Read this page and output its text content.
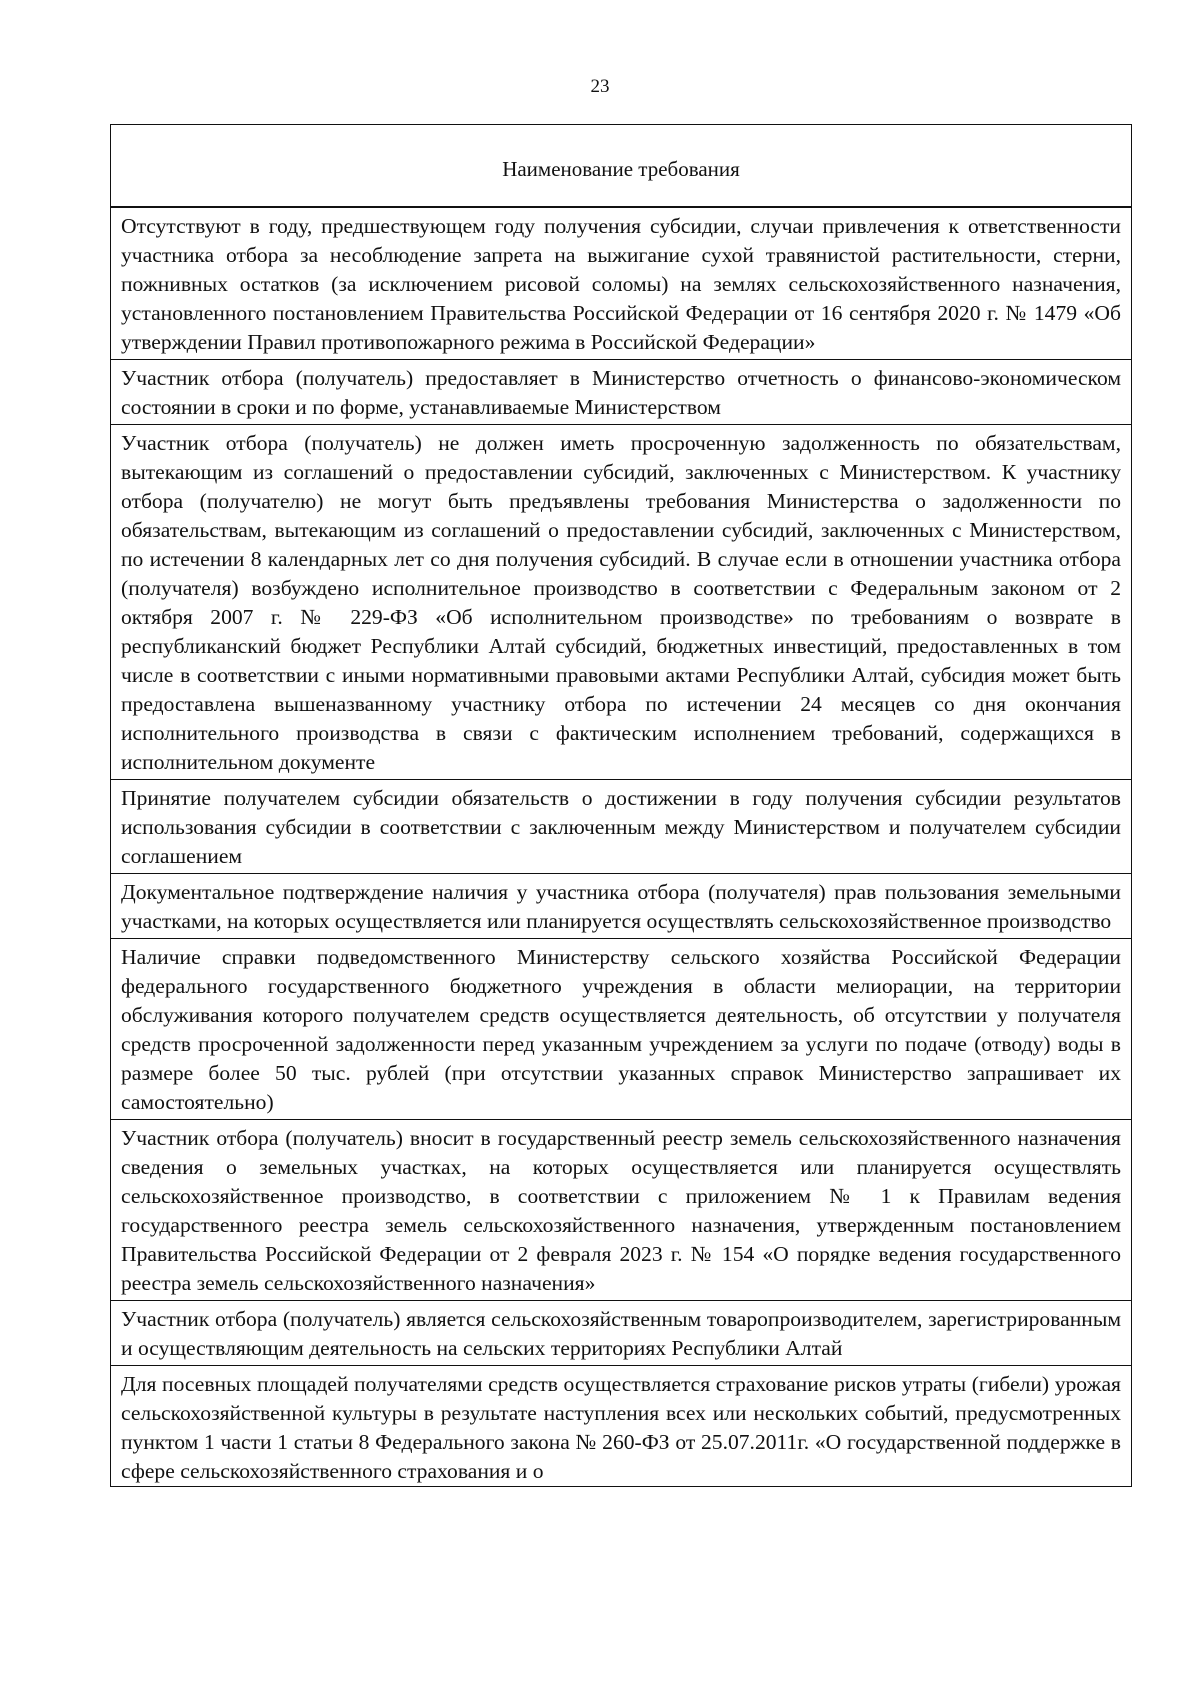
23
Наименование требования
Отсутствуют в году, предшествующем году получения субсидии, случаи привлечения к ответственности участника отбора за несоблюдение запрета на выжигание сухой травянистой растительности, стерни, пожнивных остатков (за исключением рисовой соломы) на землях сельскохозяйственного назначения, установленного постановлением Правительства Российской Федерации от 16 сентября 2020 г. № 1479 «Об утверждении Правил противопожарного режима в Российской Федерации»
Участник отбора (получатель) предоставляет в Министерство отчетность о финансово-экономическом состоянии в сроки и по форме, устанавливаемые Министерством
Участник отбора (получатель) не должен иметь просроченную задолженность по обязательствам, вытекающим из соглашений о предоставлении субсидий, заключенных с Министерством. К участнику отбора (получателю) не могут быть предъявлены требования Министерства о задолженности по обязательствам, вытекающим из соглашений о предоставлении субсидий, заключенных с Министерством, по истечении 8 календарных лет со дня получения субсидий. В случае если в отношении участника отбора (получателя) возбуждено исполнительное производство в соответствии с Федеральным законом от 2 октября 2007 г. № 229-ФЗ «Об исполнительном производстве» по требованиям о возврате в республиканский бюджет Республики Алтай субсидий, бюджетных инвестиций, предоставленных в том числе в соответствии с иными нормативными правовыми актами Республики Алтай, субсидия может быть предоставлена вышеназванному участнику отбора по истечении 24 месяцев со дня окончания исполнительного производства в связи с фактическим исполнением требований, содержащихся в исполнительном документе
Принятие получателем субсидии обязательств о достижении в году получения субсидии результатов использования субсидии в соответствии с заключенным между Министерством и получателем субсидии соглашением
Документальное подтверждение наличия у участника отбора (получателя) прав пользования земельными участками, на которых осуществляется или планируется осуществлять сельскохозяйственное производство
Наличие справки подведомственного Министерству сельского хозяйства Российской Федерации федерального государственного бюджетного учреждения в области мелиорации, на территории обслуживания которого получателем средств осуществляется деятельность, об отсутствии у получателя средств просроченной задолженности перед указанным учреждением за услуги по подаче (отводу) воды в размере более 50 тыс. рублей (при отсутствии указанных справок Министерство запрашивает их самостоятельно)
Участник отбора (получатель) вносит в государственный реестр земель сельскохозяйственного назначения сведения о земельных участках, на которых осуществляется или планируется осуществлять сельскохозяйственное производство, в соответствии с приложением № 1 к Правилам ведения государственного реестра земель сельскохозяйственного назначения, утвержденным постановлением Правительства Российской Федерации от 2 февраля 2023 г. № 154 «О порядке ведения государственного реестра земель сельскохозяйственного назначения»
Участник отбора (получатель) является сельскохозяйственным товаропроизводителем, зарегистрированным и осуществляющим деятельность на сельских территориях Республики Алтай
Для посевных площадей получателями средств осуществляется страхование рисков утраты (гибели) урожая сельскохозяйственной культуры в результате наступления всех или нескольких событий, предусмотренных пунктом 1 части 1 статьи 8 Федерального закона № 260-ФЗ от 25.07.2011г. «О государственной поддержке в сфере сельскохозяйственного страхования и о
